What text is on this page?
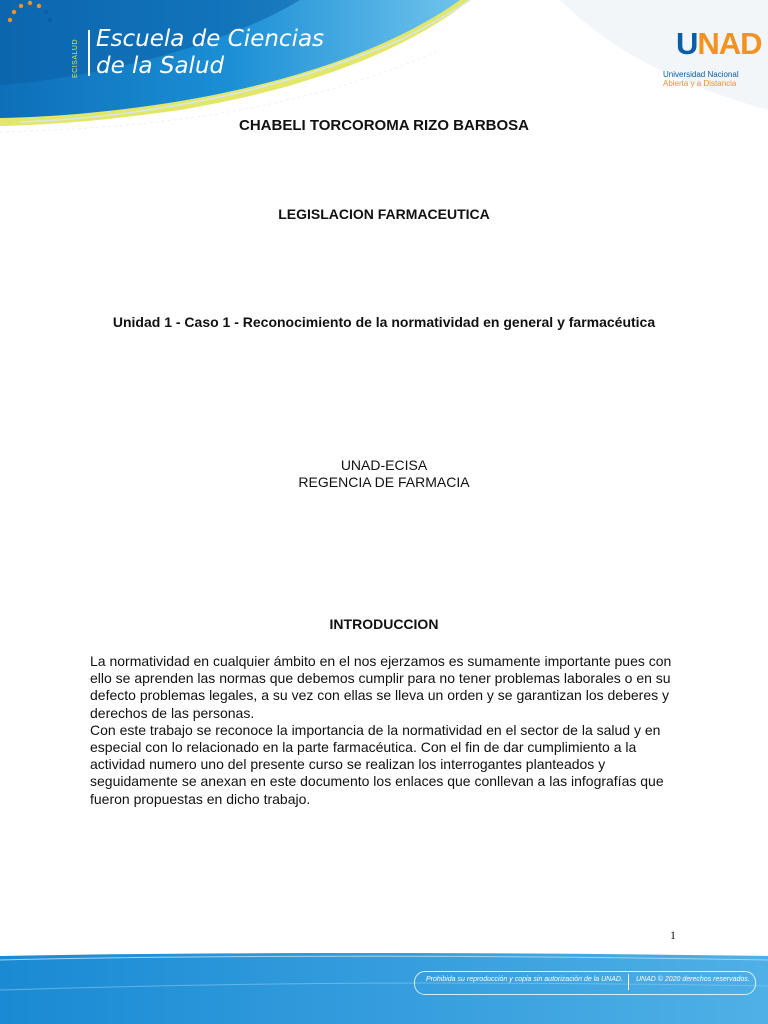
ECISALUD Escuela de Ciencias
de la Salud
UNAD
Universidad Nacional
Abierta y a Distancia
CHABELI TORCOROMA RIZO BARBOSA
LEGISLACION FARMACEUTICA
Unidad 1 - Caso 1 - Reconocimiento de la normatividad en general y farmacéutica
UNAD-ECISA
REGENCIA DE FARMACIA
INTRODUCCION

La normatividad en cualquier ámbito en el nos ejerzamos es sumamente importante pues con ello se aprenden las normas que debemos cumplir para no tener problemas laborales o en su defecto problemas legales, a su vez con ellas se lleva un orden y se garantizan los deberes y derechos de las personas.

Con este trabajo se reconoce la importancia de la normatividad en el sector de la salud y en especial con lo relacionado en la parte farmacéutica. Con el fin de dar cumplimiento a la actividad numero uno del presente curso se realizan los interrogantes planteados y seguidamente se anexan en este documento los enlaces que conllevan a las infografías que fueron propuestas en dicho trabajo.

1
Prohibida su reproducción y copia sin autorización de la UNAD. UNAD © 2020 derechos reservados.
